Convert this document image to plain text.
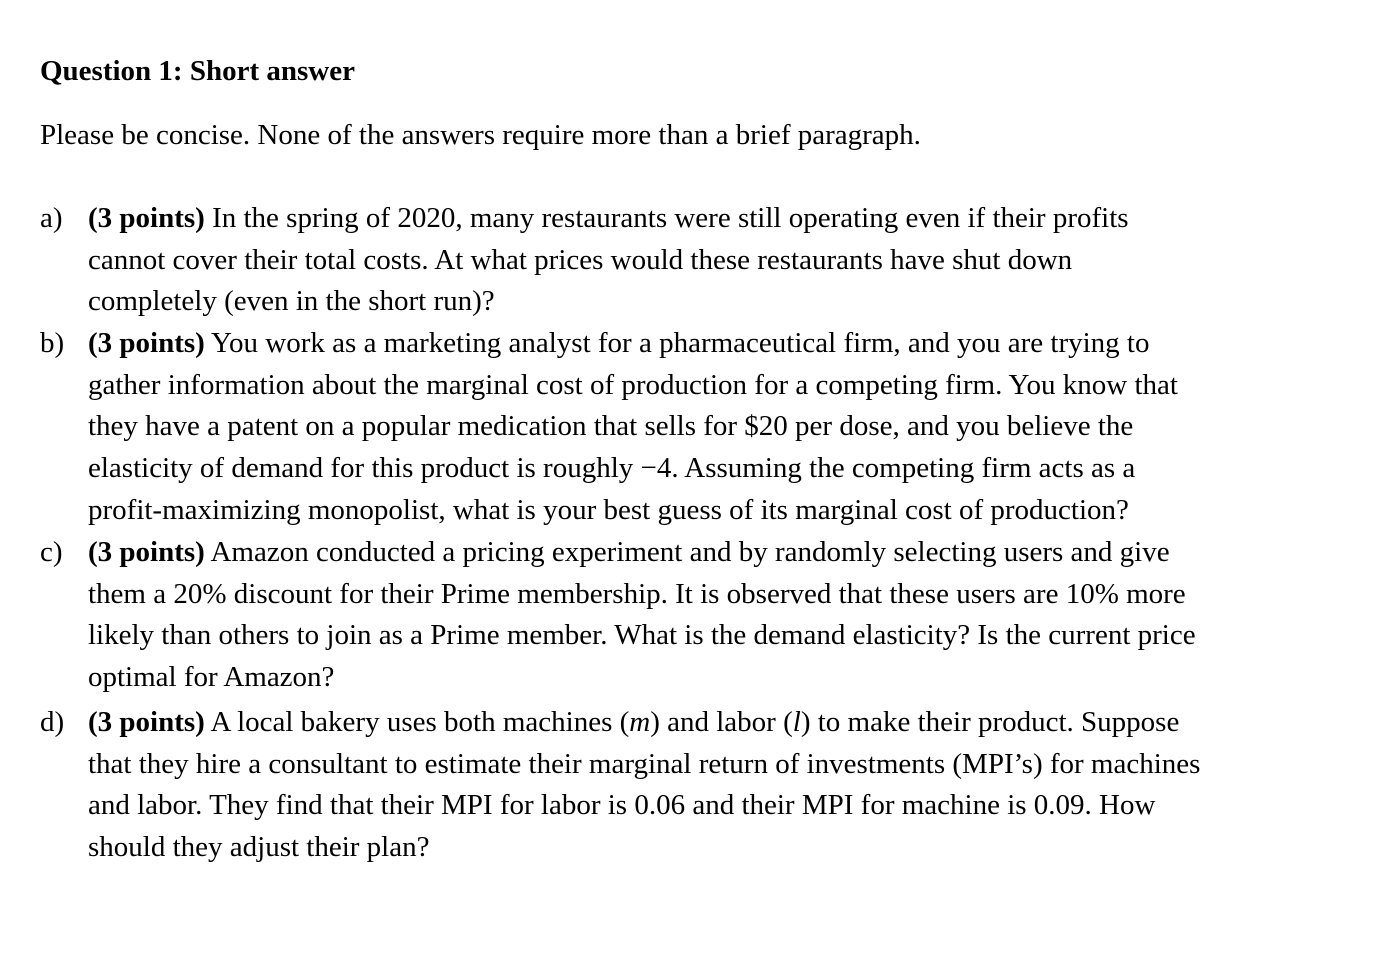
Question 1: Short answer

Please be concise. None of the answers require more than a brief paragraph.

a) (3 points) In the spring of 2020, many restaurants were still operating even if their profits
cannot cover their total costs. At what prices would these restaurants have shut down
completely (even in the short run)?
b) (3 points) You work as a marketing analyst for a pharmaceutical firm, and you are trying to
gather information about the marginal cost of production for a competing firm. You know that
they have a patent on a popular medication that sells for $20 per dose, and you believe the
elasticity of demand for this product is roughly −4. Assuming the competing firm acts as a
profit-maximizing monopolist, what is your best guess of its marginal cost of production?
c) (3 points) Amazon conducted a pricing experiment and by randomly selecting users and give
them a 20% discount for their Prime membership. It is observed that these users are 10% more
likely than others to join as a Prime member. What is the demand elasticity? Is the current price
optimal for Amazon?
d) (3 points) A local bakery uses both machines (m) and labor (l) to make their product. Suppose
that they hire a consultant to estimate their marginal return of investments (MPI’s) for machines
and labor. They find that their MPI for labor is 0.06 and their MPI for machine is 0.09. How
should they adjust their plan?
